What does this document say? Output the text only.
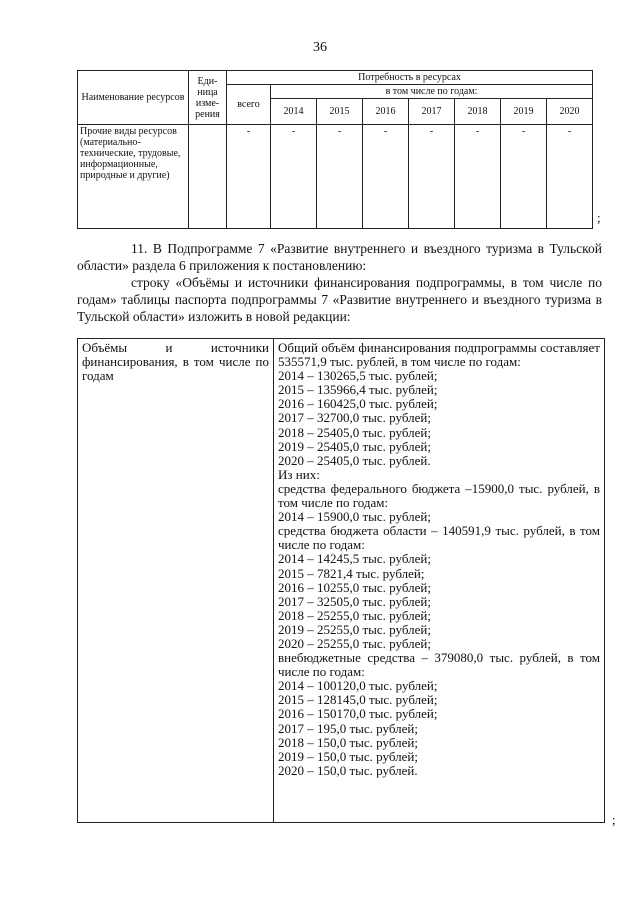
36
Наименование ресурсов	Еди- ница изме- рения	Потребность в ресурсах							
		всего	в том числе по годам:						
			2014	2015	2016	2017	2018	2019	2020
Прочие виды ресурсов (материально-технические, трудовые, информационные, природные и другие)		-	-	-	-	-	-	-	-
;
11. В Подпрограмме 7 «Развитие внутреннего и въездного туризма в Тульской области» раздела 6 приложения к постановлению:
строку «Объёмы и источники финансирования подпрограммы, в том числе по годам» таблицы паспорта подпрограммы 7 «Развитие внутреннего и въездного туризма в Тульской области» изложить в новой редакции:
Объёмы и источники финансирования, в том числе по годам	
Общий объём финансирования подпрограммы составляет 535571,9 тыс. рублей, в том числе по годам:
2014 – 130265,5 тыс. рублей;
2015 – 135966,4 тыс. рублей;
2016 – 160425,0 тыс. рублей;
2017 – 32700,0 тыс. рублей;
2018 – 25405,0 тыс. рублей;
2019 – 25405,0 тыс. рублей;
2020 – 25405,0 тыс. рублей.
Из них:
средства федерального бюджета –15900,0 тыс. рублей, в том числе по годам:
2014 – 15900,0 тыс. рублей;
средства бюджета области – 140591,9 тыс. рублей, в том числе по годам:
2014 – 14245,5 тыс. рублей;
2015 – 7821,4 тыс. рублей;
2016 – 10255,0 тыс. рублей;
2017 – 32505,0 тыс. рублей;
2018 – 25255,0 тыс. рублей;
2019 – 25255,0 тыс. рублей;
2020 – 25255,0 тыс. рублей;
внебюджетные средства – 379080,0 тыс. рублей, в том числе по годам:
2014 – 100120,0 тыс. рублей;
2015 – 128145,0 тыс. рублей;
2016 – 150170,0 тыс. рублей;
2017 – 195,0 тыс. рублей;
2018 – 150,0 тыс. рублей;
2019 – 150,0 тыс. рублей;
2020 – 150,0 тыс. рублей.
;
